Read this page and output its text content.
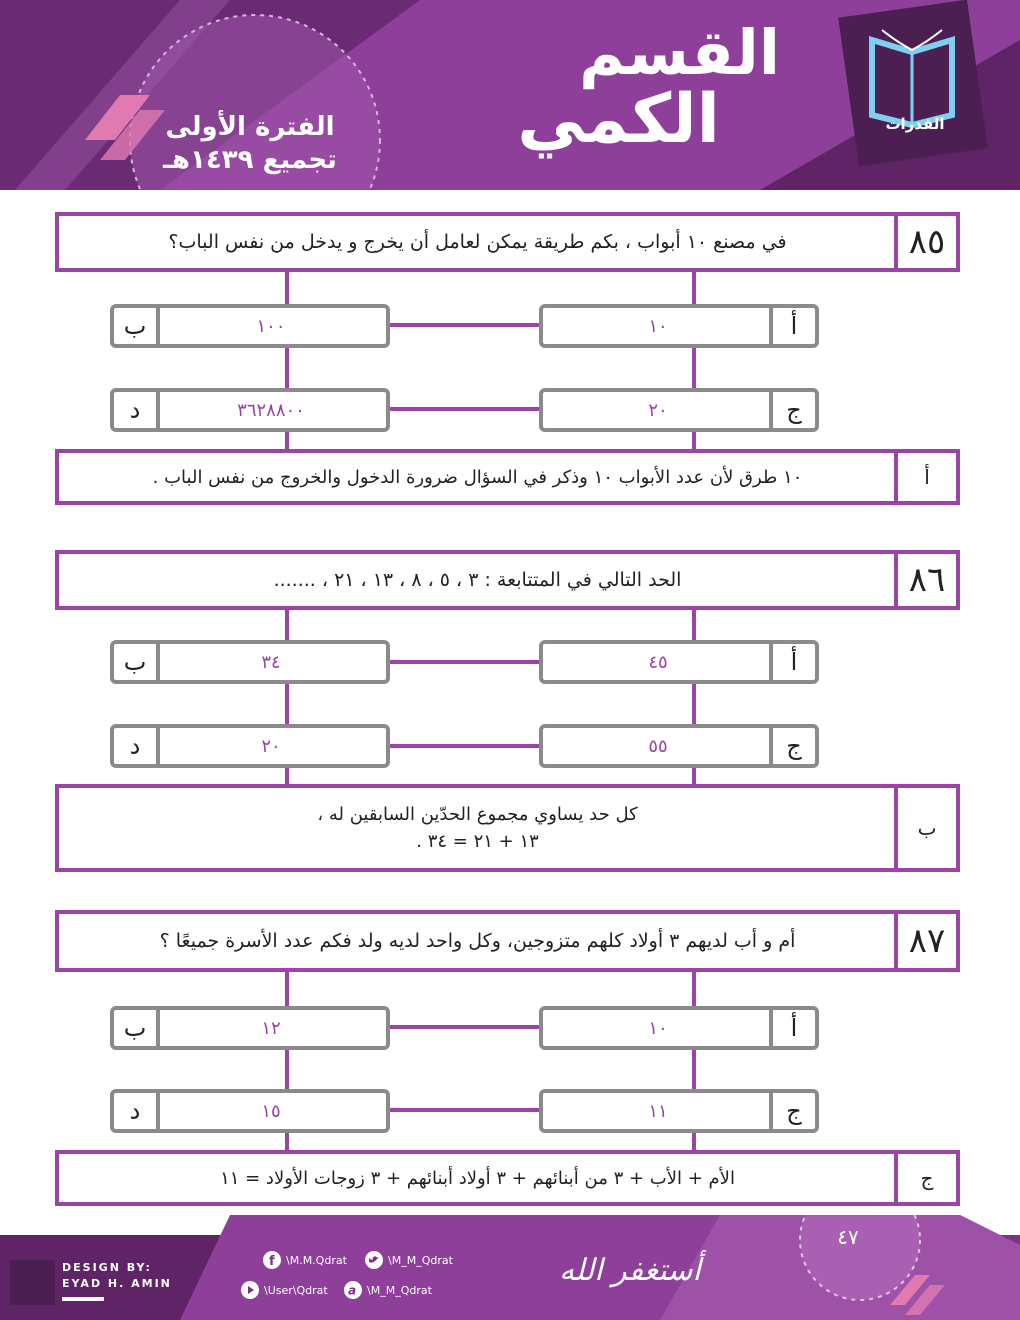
القسم
الكمي
الفترة الأولى
تجميع ١٤٣٩هـ
القدرات
في مصنع ١٠ أبواب ، بكم طريقة يمكن لعامل أن يخرج و يدخل من نفس الباب؟	٨٥
١٠	أ
ب	١٠٠
٢٠	ج
د	٣٦٢٨٨٠٠
١٠ طرق لأن عدد الأبواب ١٠ وذكر في السؤال ضرورة الدخول والخروج من نفس الباب .	أ
الحد التالي في المتتابعة : ٣ ، ٥ ، ٨ ، ١٣ ، ٢١ ، .......	٨٦
٤٥	أ
ب	٣٤
٥٥	ج
د	٢٠
كل حد يساوي مجموع الحدّين السابقين له ،
١٣ + ٢١ = ٣٤ .
ب
أم و أب لديهم ٣ أولاد كلهم متزوجين، وكل واحد لديه ولد فكم عدد الأسرة جميعًا ؟	٨٧
١٠	أ
ب	١٢
١١	ج
د	١٥
الأم + الأب + ٣ من أبنائهم + ٣ أولاد أبنائهم + ٣ زوجات الأولاد = ١١	ج
DESIGN BY:
EYAD H. AMIN
f \M.M.Qdrat	\M_M_Qdrat
\User\Qdrat a \M_M_Qdrat
أستغفر الله
٤٧
